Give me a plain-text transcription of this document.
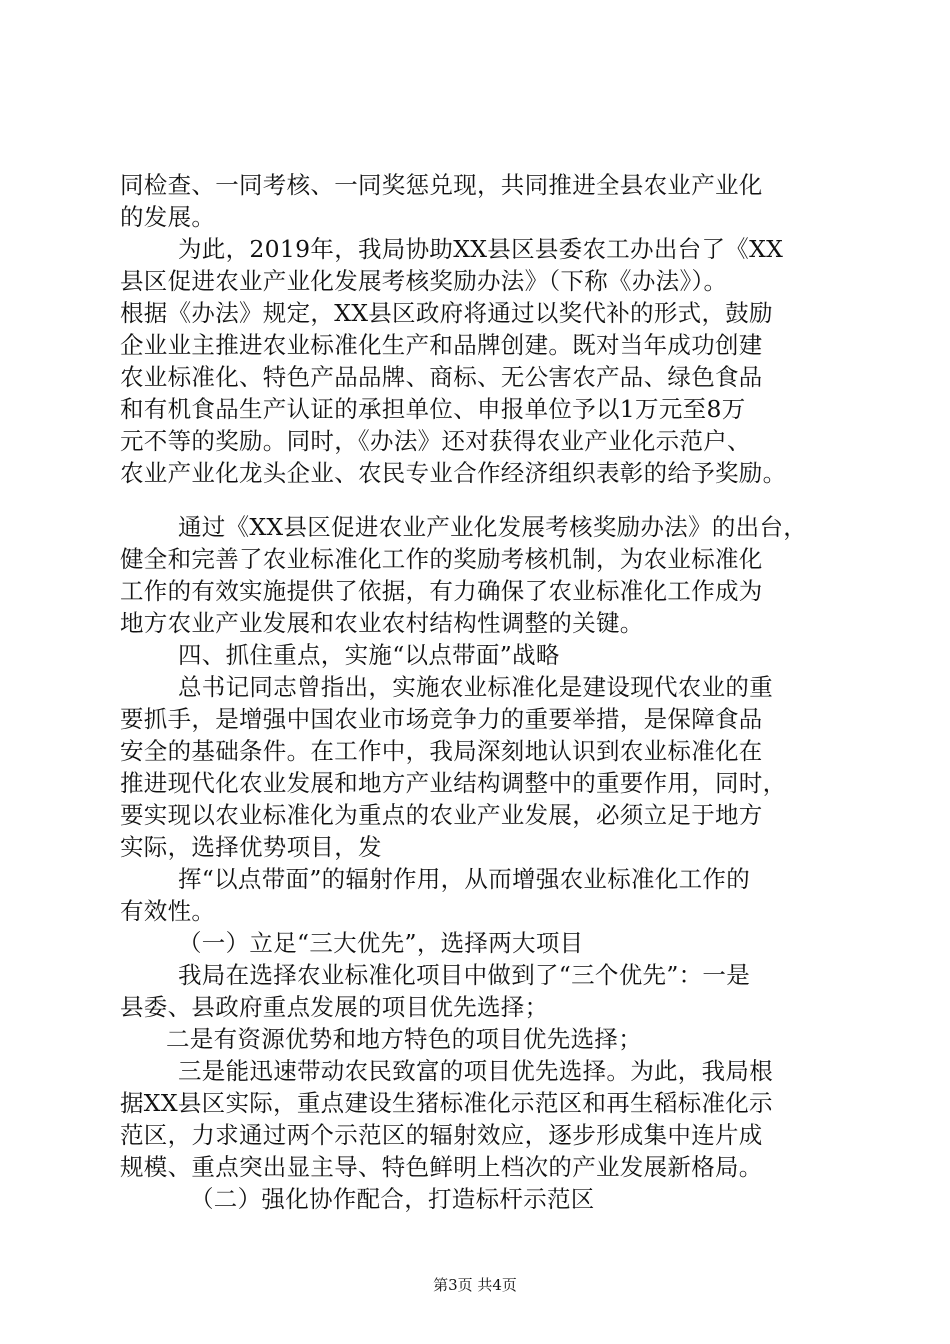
同检查、一同考核、一同奖惩兑现，共同推进全县农业产业化
的发展。
为此，2019年，我局协助XX县区县委农工办出台了《XX
县区促进农业产业化发展考核奖励办法》（下称《办法》）。
根据《办法》规定，XX县区政府将通过以奖代补的形式，鼓励
企业业主推进农业标准化生产和品牌创建。既对当年成功创建
农业标准化、特色产品品牌、商标、无公害农产品、绿色食品
和有机食品生产认证的承担单位、申报单位予以1万元至8万
元不等的奖励。同时，《办法》还对获得农业产业化示范户、
农业产业化龙头企业、农民专业合作经济组织表彰的给予奖励。
通过《XX县区促进农业产业化发展考核奖励办法》的出台，
健全和完善了农业标准化工作的奖励考核机制，为农业标准化
工作的有效实施提供了依据，有力确保了农业标准化工作成为
地方农业产业发展和农业农村结构性调整的关键。
四、抓住重点，实施“以点带面”战略
总书记同志曾指出，实施农业标准化是建设现代农业的重
要抓手，是增强中国农业市场竞争力的重要举措，是保障食品
安全的基础条件。在工作中，我局深刻地认识到农业标准化在
推进现代化农业发展和地方产业结构调整中的重要作用，同时，
要实现以农业标准化为重点的农业产业发展，必须立足于地方
实际，选择优势项目，发
挥“以点带面”的辐射作用，从而增强农业标准化工作的
有效性。
（一）立足“三大优先”，选择两大项目
我局在选择农业标准化项目中做到了“三个优先”：一是
县委、县政府重点发展的项目优先选择；
二是有资源优势和地方特色的项目优先选择；
三是能迅速带动农民致富的项目优先选择。为此，我局根
据XX县区实际，重点建设生猪标准化示范区和再生稻标准化示
范区，力求通过两个示范区的辐射效应，逐步形成集中连片成
规模、重点突出显主导、特色鲜明上档次的产业发展新格局。
（二）强化协作配合，打造标杆示范区
第3页 共4页
